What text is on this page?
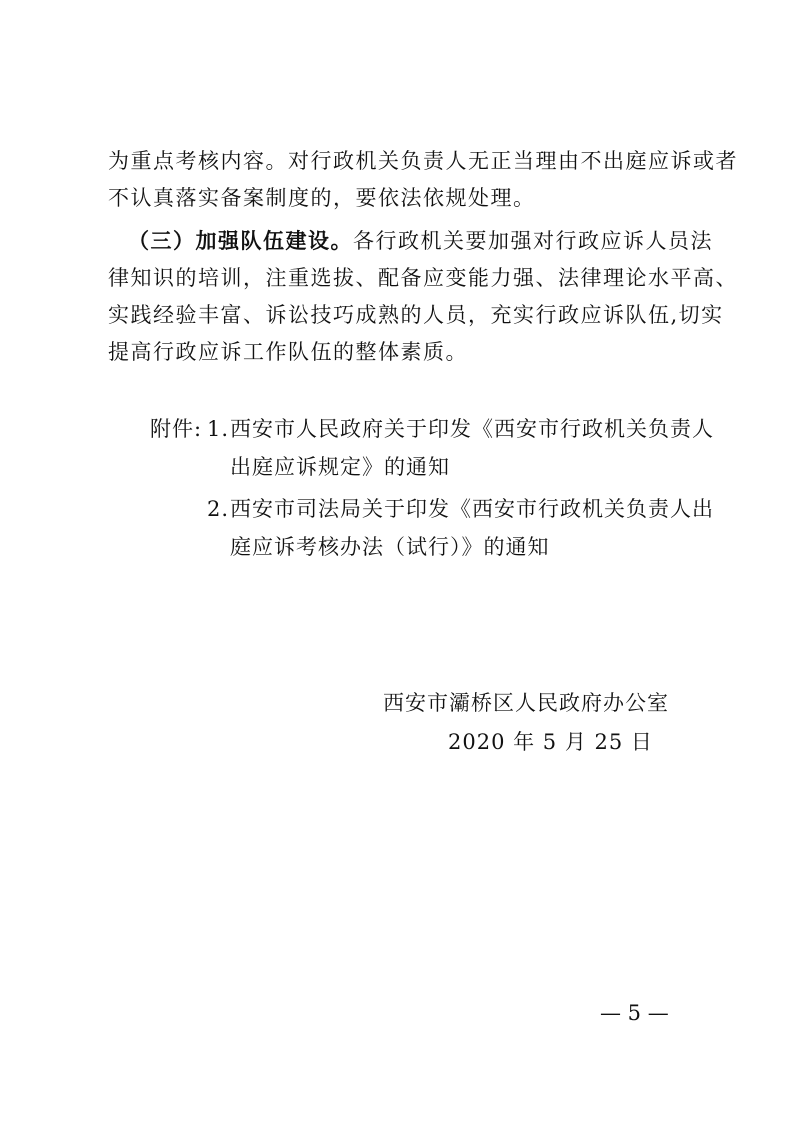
为重点考核内容。对行政机关负责人无正当理由不出庭应诉或者
不认真落实备案制度的，要依法依规处理。
（三）加强队伍建设。各行政机关要加强对行政应诉人员法
律知识的培训，注重选拔、配备应变能力强、法律理论水平高、
实践经验丰富、诉讼技巧成熟的人员，充实行政应诉队伍,切实
提高行政应诉工作队伍的整体素质。
附件: 1. 西安市人民政府关于印发《西安市行政机关负责人
出庭应诉规定》的通知
2. 西安市司法局关于印发《西安市行政机关负责人出
庭应诉考核办法（试行）》的通知
西安市灞桥区人民政府办公室
2020 年 5 月 25 日
— 5 —
